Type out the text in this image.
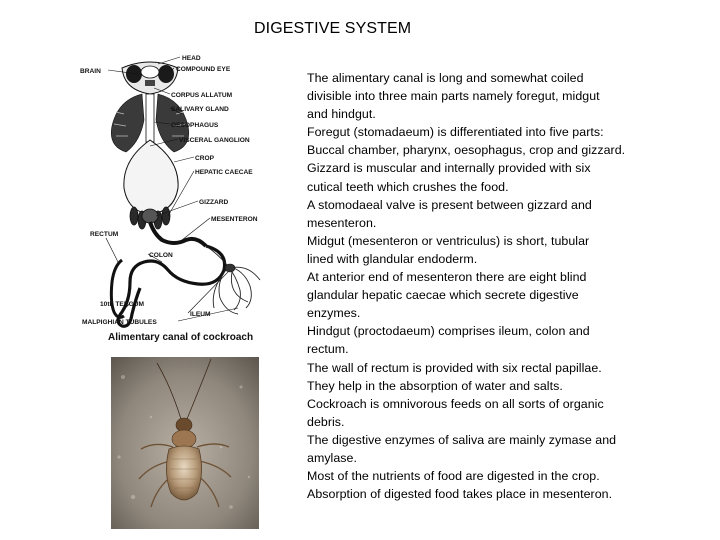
DIGESTIVE SYSTEM
HEAD
BRAIN	COMPOUND EYE
CORPUS ALLATUM
SALIVARY GLAND
OESOPHAGUS
VISCERAL GANGLION
CROP
HEPATIC CAECAE
GIZZARD
MESENTERON
RECTUM
COLON
10th TERGUM
ILEUM
MALPIGHIAN TUBULES
Alimentary canal of cockroach

The alimentary canal is long and somewhat coiled

divisible into three main parts namely foregut, midgut

and hindgut.

Foregut (stomadaeum) is differentiated into five parts:

Buccal chamber, pharynx, oesophagus, crop and gizzard.

Gizzard is muscular and internally provided with six

cutical teeth which crushes the food.

A stomodaeal valve is present between gizzard and

mesenteron.

Midgut (mesenteron or ventriculus) is short, tubular

lined with glandular endoderm.

At anterior end of mesenteron there are eight blind

glandular hepatic caecae which secrete digestive

enzymes.

Hindgut (proctodaeum) comprises ileum, colon and

rectum.

The wall of rectum is provided with six rectal papillae.

They help in the absorption of water and salts.

Cockroach is omnivorous feeds on all sorts of organic

debris.

The digestive enzymes of saliva are mainly zymase and

amylase.

Most of the nutrients of food are digested in the crop.

Absorption of digested food takes place in mesenteron.
